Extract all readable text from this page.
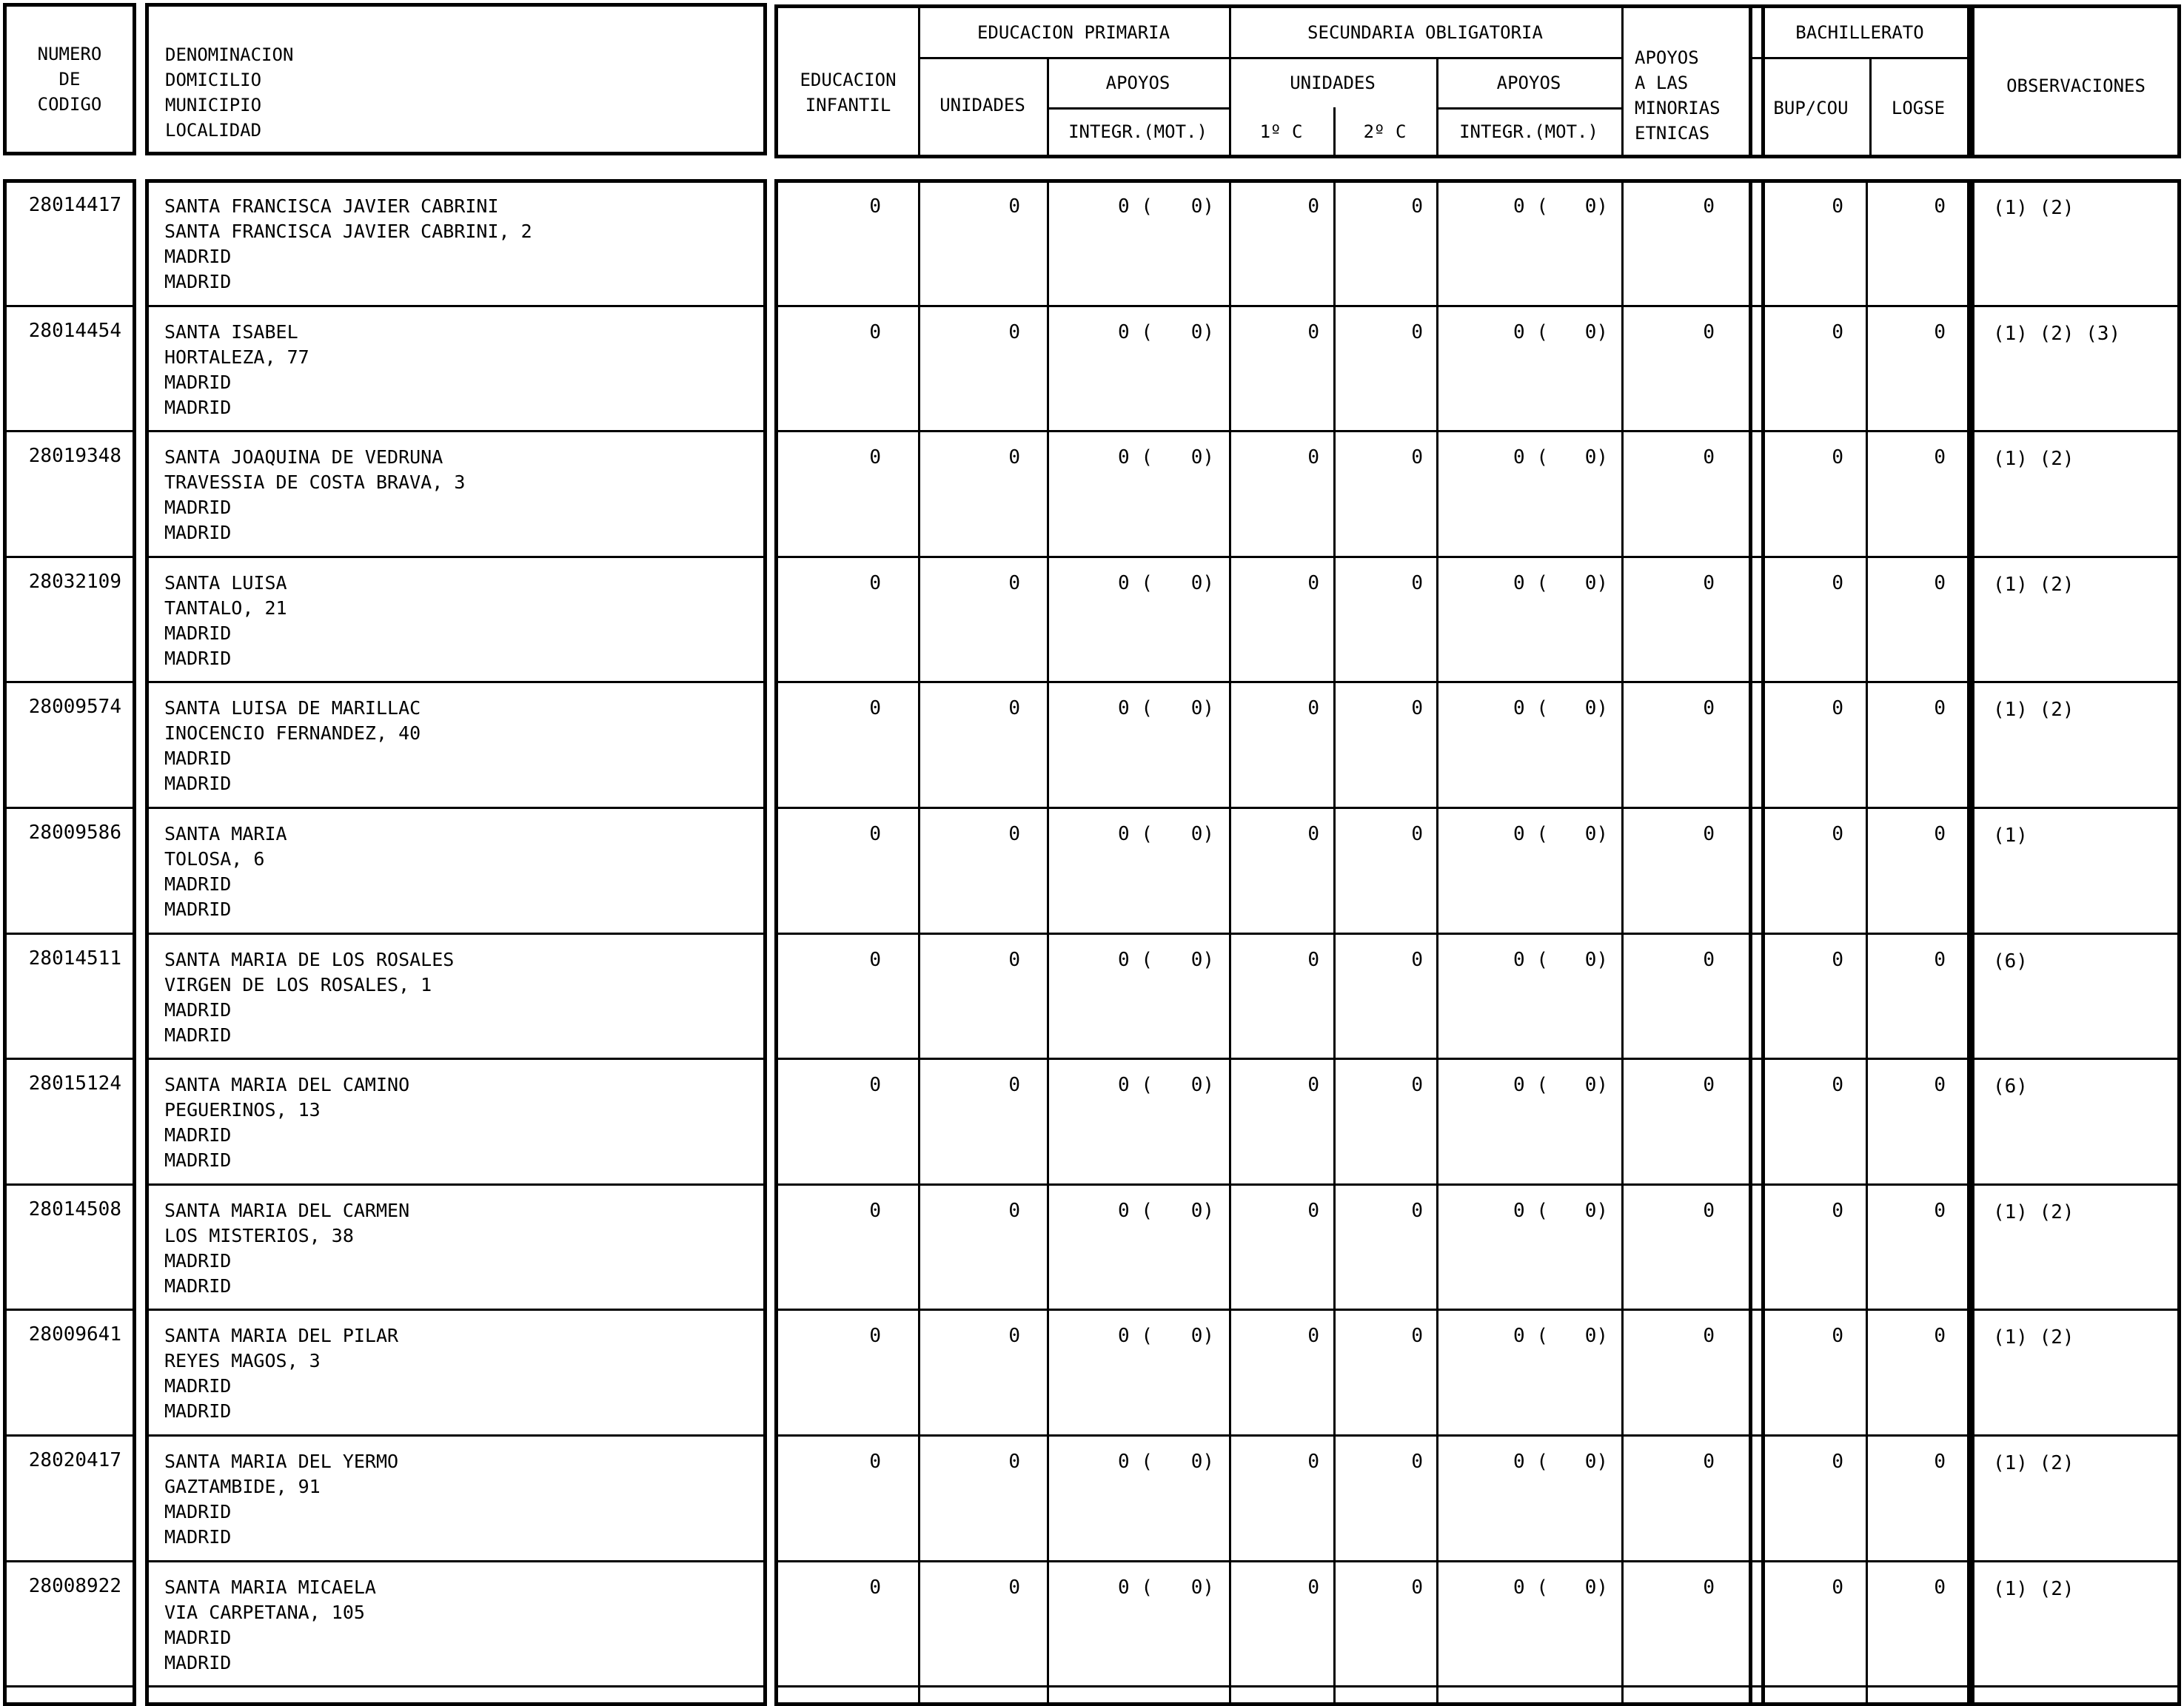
NUMERO
DE
CODIGO
DENOMINACION
DOMICILIO
MUNICIPIO
LOCALIDAD
EDUCACION
INFANTIL
EDUCACION PRIMARIA
UNIDADES
APOYOS
INTEGR.(MOT.)
SECUNDARIA OBLIGATORIA
UNIDADES
1º C	2º C
APOYOS
INTEGR.(MOT.)
APOYOS
A LAS
MINORIAS
ETNICAS
BACHILLERATO
BUP/COU	LOGSE
OBSERVACIONES
28014417 SANTA FRANCISCA JAVIER CABRINI
SANTA FRANCISCA JAVIER CABRINI, 2
MADRID
MADRID
0	0	0 (	0)	0	0	0 (	0)	0	0	0 (1) (2)
28014454 SANTA ISABEL
HORTALEZA, 77
MADRID
MADRID
0	0	0 (	0)	0	0	0 (	0)	0	0	0 (1) (2) (3)
28019348 SANTA JOAQUINA DE VEDRUNA
TRAVESSIA DE COSTA BRAVA, 3
MADRID
MADRID
0	0	0 (	0)	0	0	0 (	0)	0	0	0 (1) (2)
28032109 SANTA LUISA
TANTALO, 21
MADRID
MADRID
0	0	0 (	0)	0	0	0 (	0)	0	0	0 (1) (2)
28009574 SANTA LUISA DE MARILLAC
INOCENCIO FERNANDEZ, 40
MADRID
MADRID
0	0	0 (	0)	0	0	0 (	0)	0	0	0 (1) (2)
28009586 SANTA MARIA
TOLOSA, 6
MADRID
MADRID
0	0	0 (	0)	0	0	0 (	0)	0	0	0 (1)
28014511 SANTA MARIA DE LOS ROSALES
VIRGEN DE LOS ROSALES, 1
MADRID
MADRID
0	0	0 (	0)	0	0	0 (	0)	0	0	0 (6)
28015124 SANTA MARIA DEL CAMINO
PEGUERINOS, 13
MADRID
MADRID
0	0	0 (	0)	0	0	0 (	0)	0	0	0 (6)
28014508 SANTA MARIA DEL CARMEN
LOS MISTERIOS, 38
MADRID
MADRID
0	0	0 (	0)	0	0	0 (	0)	0	0	0 (1) (2)
28009641 SANTA MARIA DEL PILAR
REYES MAGOS, 3
MADRID
MADRID
0	0	0 (	0)	0	0	0 (	0)	0	0	0 (1) (2)
28020417 SANTA MARIA DEL YERMO
GAZTAMBIDE, 91
MADRID
MADRID
0	0	0 (	0)	0	0	0 (	0)	0	0	0 (1) (2)
28008922 SANTA MARIA MICAELA
VIA CARPETANA, 105
MADRID
MADRID
0	0	0 (	0)	0	0	0 (	0)	0	0	0 (1) (2)
